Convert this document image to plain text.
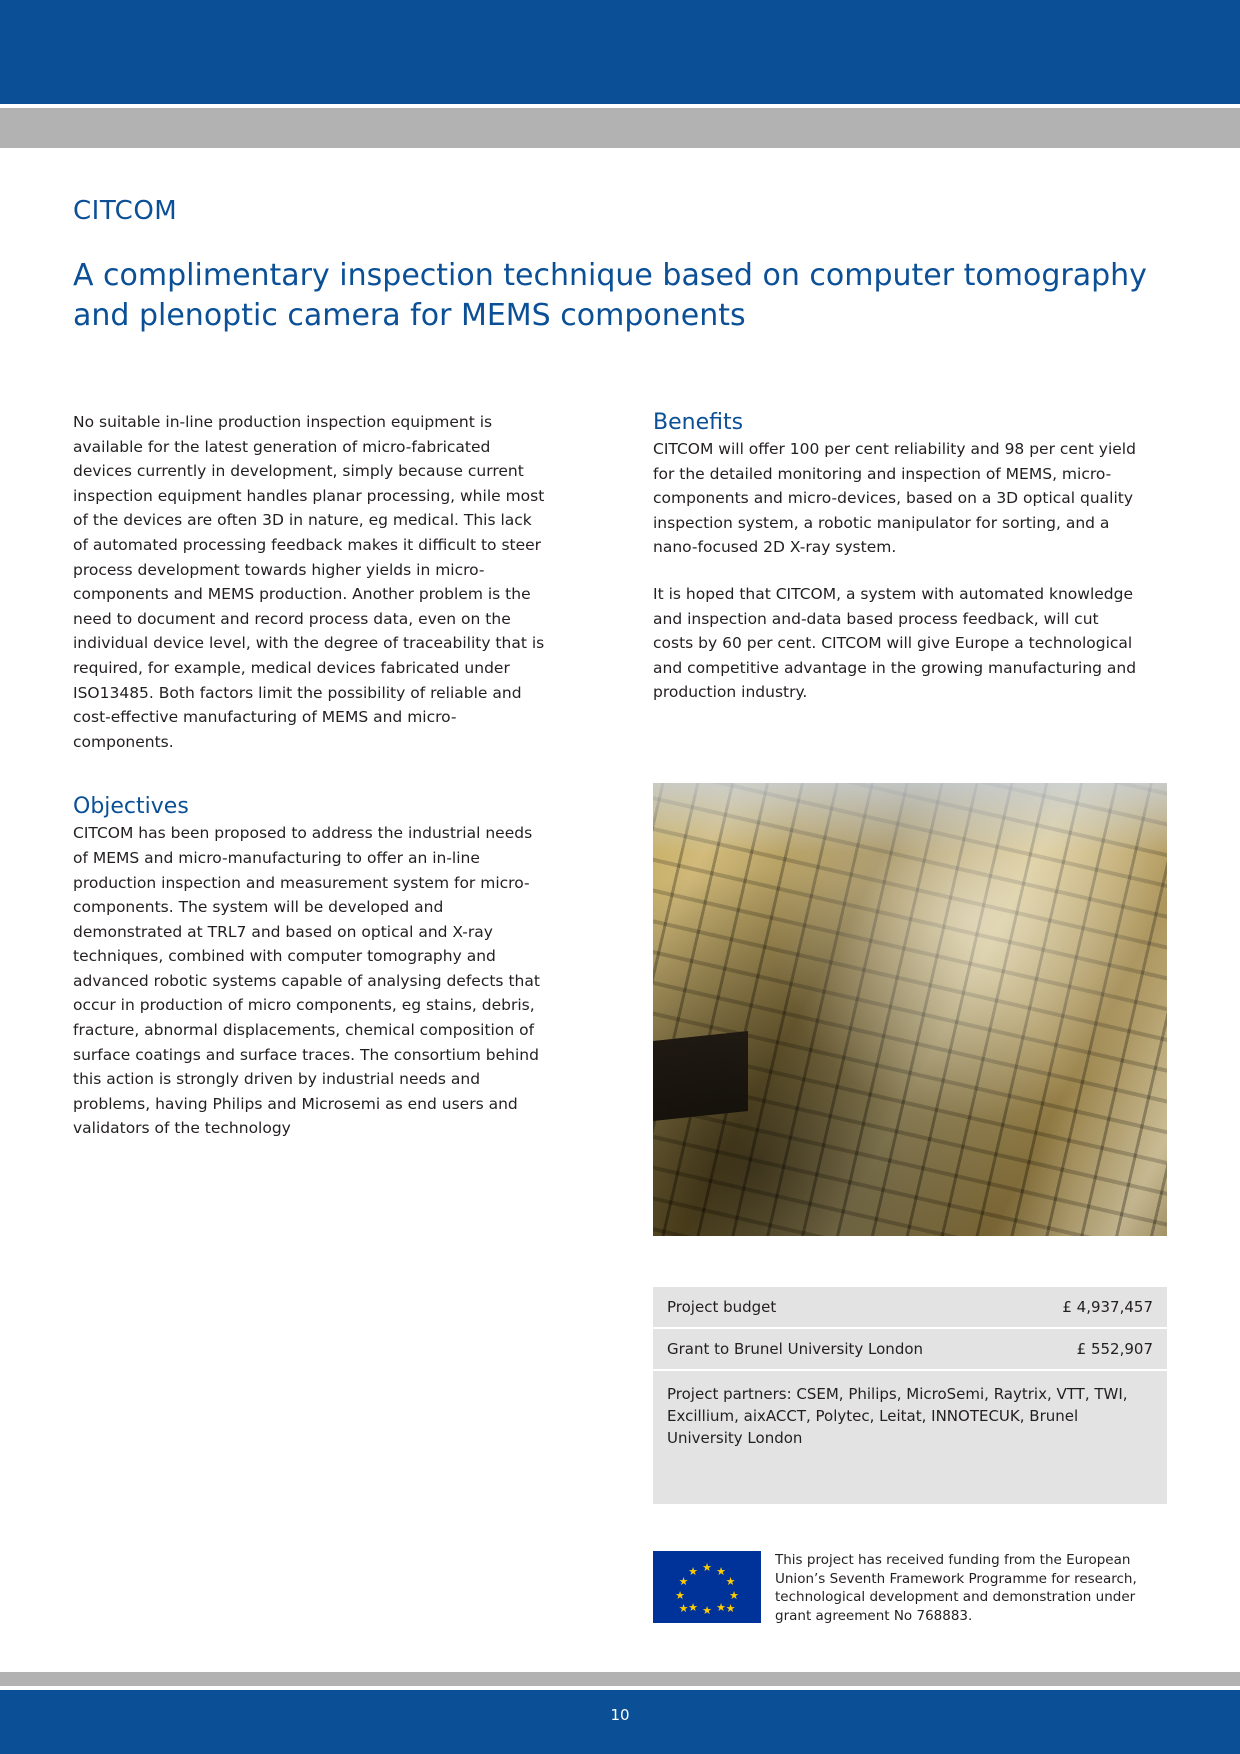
CITCOM
A complimentary inspection technique based on computer tomography and plenoptic camera for MEMS components

No suitable in-line production inspection equipment is available for the latest generation of micro-fabricated devices currently in development, simply because current inspection equipment handles planar processing, while most of the devices are often 3D in nature, eg medical. This lack of automated processing feedback makes it difficult to steer process development towards higher yields in micro-components and MEMS production. Another problem is the need to document and record process data, even on the individual device level, with the degree of traceability that is required, for example, medical devices fabricated under ISO13485. Both factors limit the possibility of reliable and cost-effective manufacturing of MEMS and micro-components.

Objectives

CITCOM has been proposed to address the industrial needs of MEMS and micro-manufacturing to offer an in-line production inspection and measurement system for micro-components. The system will be developed and demonstrated at TRL7 and based on optical and X-ray techniques, combined with computer tomography and advanced robotic systems capable of analysing defects that occur in production of micro components, eg stains, debris, fracture, abnormal displacements, chemical composition of surface coatings and surface traces. The consortium behind this action is strongly driven by industrial needs and problems, having Philips and Microsemi as end users and validators of the technology

Benefits

CITCOM will offer 100 per cent reliability and 98 per cent yield for the detailed monitoring and inspection of MEMS, micro-components and micro-devices, based on a 3D optical quality inspection system, a robotic manipulator for sorting, and a nano-focused 2D X-ray system.

It is hoped that CITCOM, a system with automated knowledge and inspection and-data based process feedback, will cut costs by 60 per cent. CITCOM will give Europe a technological and competitive advantage in the growing manufacturing and production industry.

Project budget	£ 4,937,457
Grant to Brunel University London	£ 552,907
Project partners: CSEM, Philips, MicroSemi, Raytrix, VTT, TWI, Excillium, aixACCT, Polytec, Leitat, INNOTECUK, Brunel University London
★ ★
★
★
★
★
★
★
★
★
★
★
This project has received funding from the European Union’s Seventh Framework Programme for research, technological development and demonstration under grant agreement No 768883.
10
